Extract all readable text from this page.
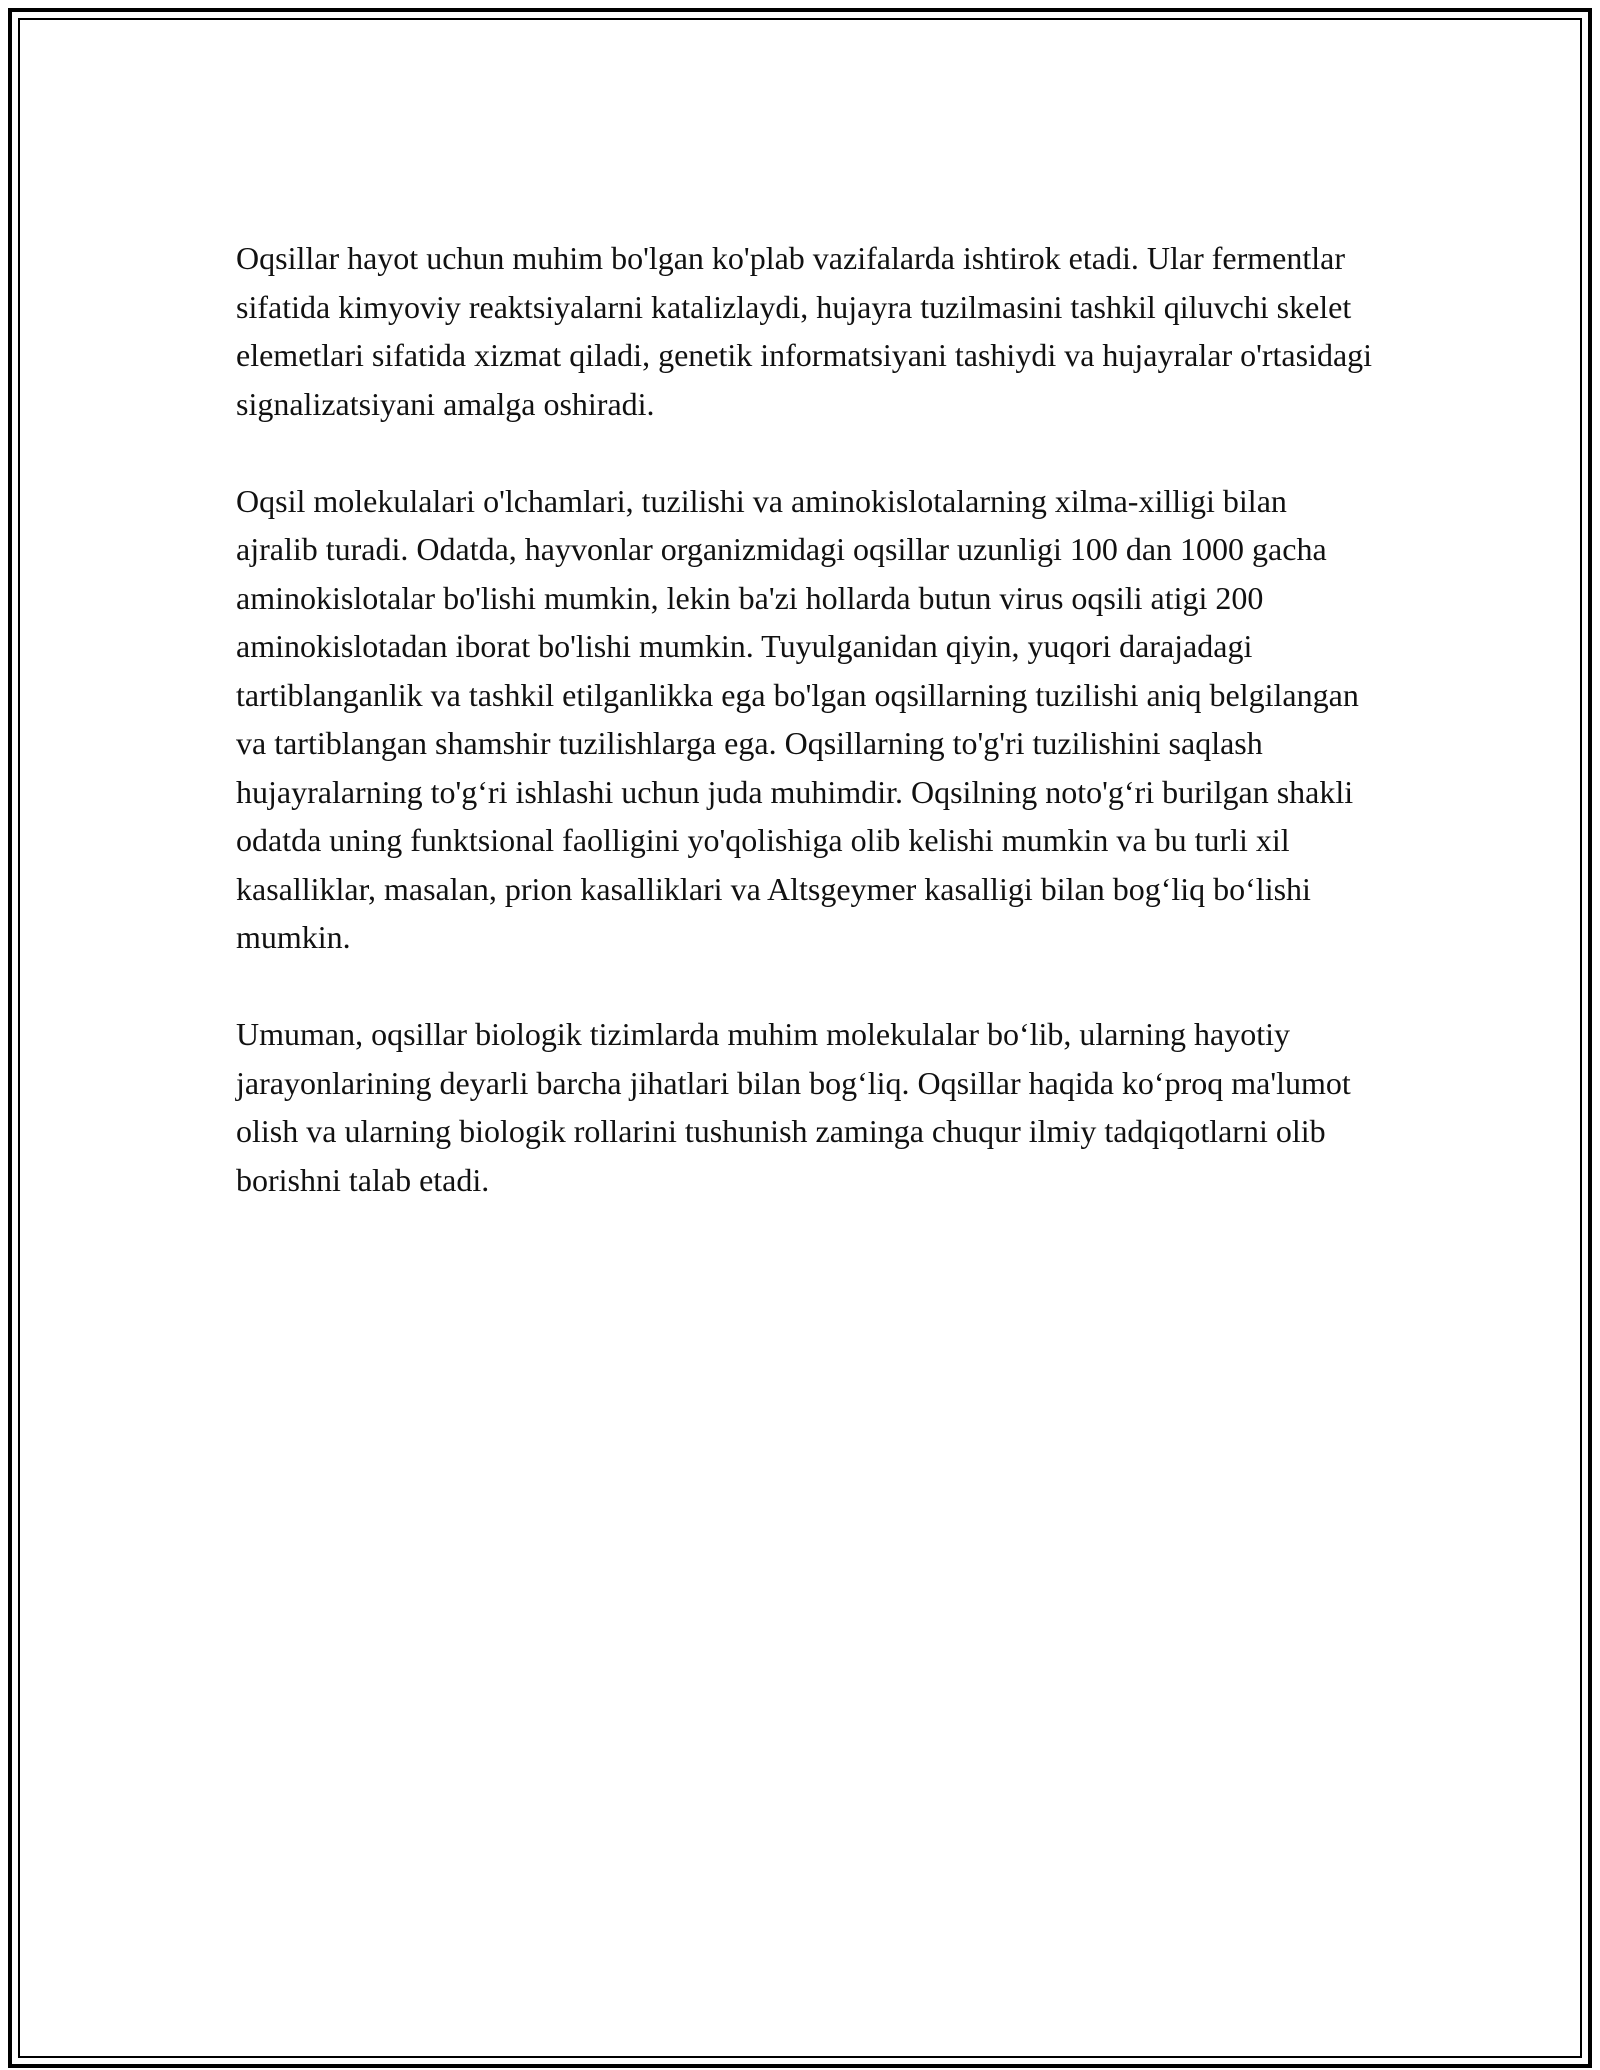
Oqsillar hayot uchun muhim bo'lgan ko'plab vazifalarda ishtirok etadi. Ular fermentlar sifatida kimyoviy reaktsiyalarni katalizlaydi, hujayra tuzilmasini tashkil qiluvchi skelet elemetlari sifatida xizmat qiladi, genetik informatsiyani tashiydi va hujayralar o'rtasidagi signalizatsiyani amalga oshiradi.

Oqsil molekulalari o'lchamlari, tuzilishi va aminokislotalarning xilma-xilligi bilan ajralib turadi. Odatda, hayvonlar organizmidagi oqsillar uzunligi 100 dan 1000 gacha aminokislotalar bo'lishi mumkin, lekin ba'zi hollarda butun virus oqsili atigi 200 aminokislotadan iborat bo'lishi mumkin. Tuyulganidan qiyin, yuqori darajadagi tartiblanganlik va tashkil etilganlikka ega bo'lgan oqsillarning tuzilishi aniq belgilangan va tartiblangan shamshir tuzilishlarga ega. Oqsillarning to'g'ri tuzilishini saqlash hujayralarning to'g‘ri ishlashi uchun juda muhimdir. Oqsilning noto'g‘ri burilgan shakli odatda uning funktsional faolligini yo'qolishiga olib kelishi mumkin va bu turli xil kasalliklar, masalan, prion kasalliklari va Altsgeymer kasalligi bilan bog‘liq bo‘lishi mumkin.

Umuman, oqsillar biologik tizimlarda muhim molekulalar bo‘lib, ularning hayotiy jarayonlarining deyarli barcha jihatlari bilan bog‘liq. Oqsillar haqida ko‘proq ma'lumot olish va ularning biologik rollarini tushunish zaminga chuqur ilmiy tadqiqotlarni olib borishni talab etadi.
